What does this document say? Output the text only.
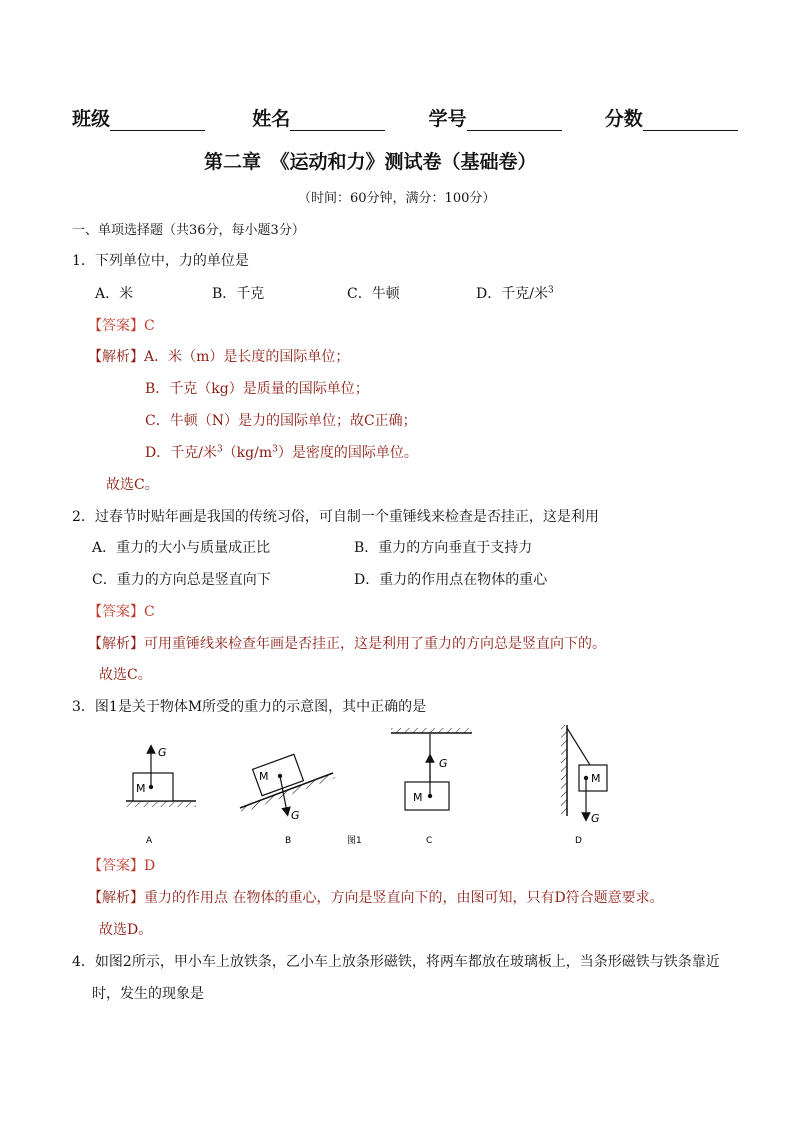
班级	姓名	学号	分数
第二章　《运动和力》测试卷（基础卷）
（时间：60分钟，满分：100分）
一、单项选择题（共36分，每小题3分）
1．下列单位中，力的单位是
A．米	B．千克	C．牛顿	D．千克/米$^3$
【答案】C
【解析】A．米（m）是长度的国际单位；
B．千克（kg）是质量的国际单位；
C．牛顿（N）是力的国际单位；故C正确；
D．千克/米$^3(kg/m^3)$是密度的国际单位。
故选C。
2．过春节时贴年画是我国的传统习俗，可自制一个重锤线来检查是否挂正，这是利用
A．重力的大小与质量成正比	B．重力的方向垂直于支持力
C．重力的方向总是竖直向下	D．重力的作用点在物体的重心
【答案】C
【解析】可用重锤线来检查年画是否挂正，这是利用了重力的方向总是竖直向下的。
故选C。
3．图1是关于物体M所受的重力的示意图，其中正确的是
M
G
A
M
G
B	图1
M
G
C
M
G
D
【答案】D
【解析】重力的作用点 在物体的重心，方向是竖直向下的，由图可知，只有D符合题意要求。
故选D。
4．如图2所示，甲小车上放铁条，乙小车上放条形磁铁，将两车都放在玻璃板上，当条形磁铁与铁条靠近
时，发生的现象是
